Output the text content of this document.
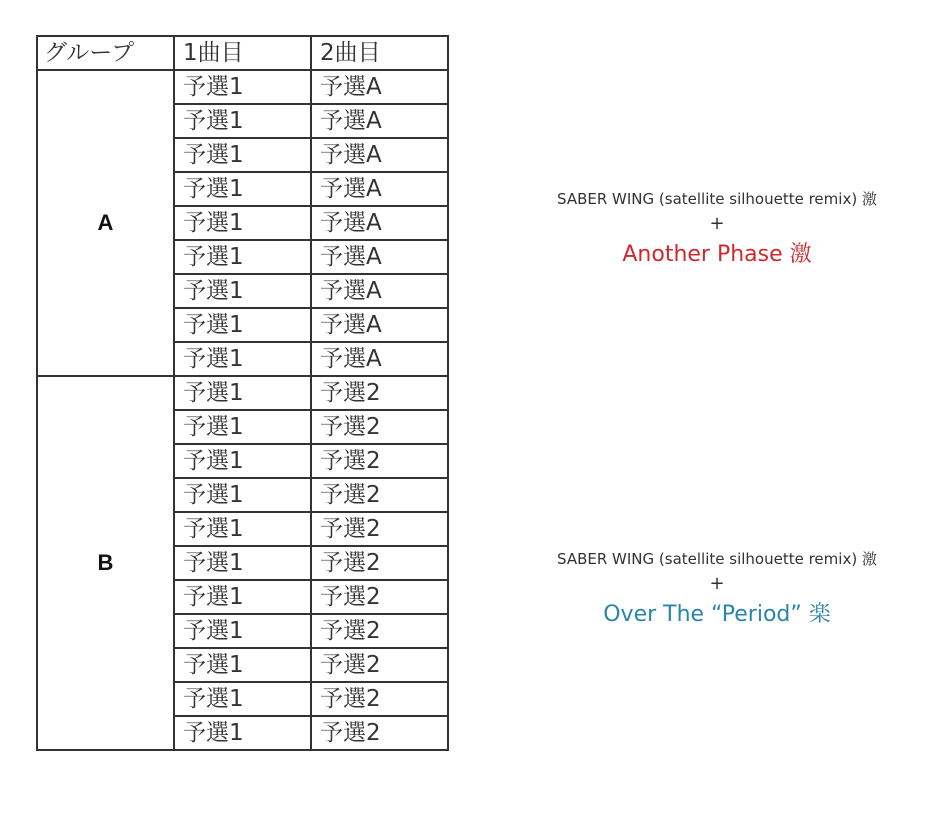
グループ	1曲目	2曲目
A	予選1	予選A
	予選1	予選A
	予選1	予選A
	予選1	予選A
	予選1	予選A
	予選1	予選A
	予選1	予選A
	予選1	予選A
	予選1	予選A
B	予選1	予選2
	予選1	予選2
	予選1	予選2
	予選1	予選2
	予選1	予選2
	予選1	予選2
	予選1	予選2
	予選1	予選2
	予選1	予選2
	予選1	予選2
	予選1	予選2
SABER WING (satellite silhouette remix) 激
+
Another Phase 激
SABER WING (satellite silhouette remix) 激
+
Over The “Period” 楽
